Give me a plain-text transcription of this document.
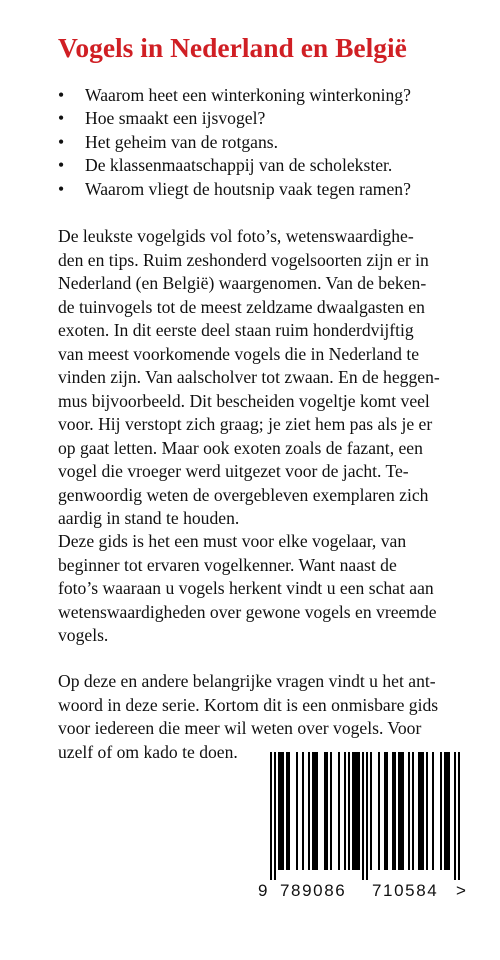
Vogels in Nederland en België
• Waarom heet een winterkoning winterkoning?
• Hoe smaakt een ijsvogel?
• Het geheim van de rotgans.
• De klassenmaatschappij van de scholekster.
• Waarom vliegt de houtsnip vaak tegen ramen?
De leukste vogelgids vol foto’s, wetenswaardighe-
den en tips. Ruim zeshonderd vogelsoorten zijn er in
Nederland (en België) waargenomen. Van de beken-
de tuinvogels tot de meest zeldzame dwaalgasten en
exoten. In dit eerste deel staan ruim honderdvijftig
van meest voorkomende vogels die in Nederland te
vinden zijn. Van aalscholver tot zwaan. En de heggen-
mus bijvoorbeeld. Dit bescheiden vogeltje komt veel
voor. Hij verstopt zich graag; je ziet hem pas als je er
op gaat letten. Maar ook exoten zoals de fazant, een
vogel die vroeger werd uitgezet voor de jacht. Te-
genwoordig weten de overgebleven exemplaren zich
aardig in stand te houden.
Deze gids is het een must voor elke vogelaar, van
beginner tot ervaren vogelkenner. Want naast de
foto’s waaraan u vogels herkent vindt u een schat aan
wetenswaardigheden over gewone vogels en vreemde
vogels.
Op deze en andere belangrijke vragen vindt u het ant-
woord in deze serie. Kortom dit is een onmisbare gids
voor iedereen die meer wil weten over vogels. Voor
uzelf of om kado te doen.
9 789086 710584 >
